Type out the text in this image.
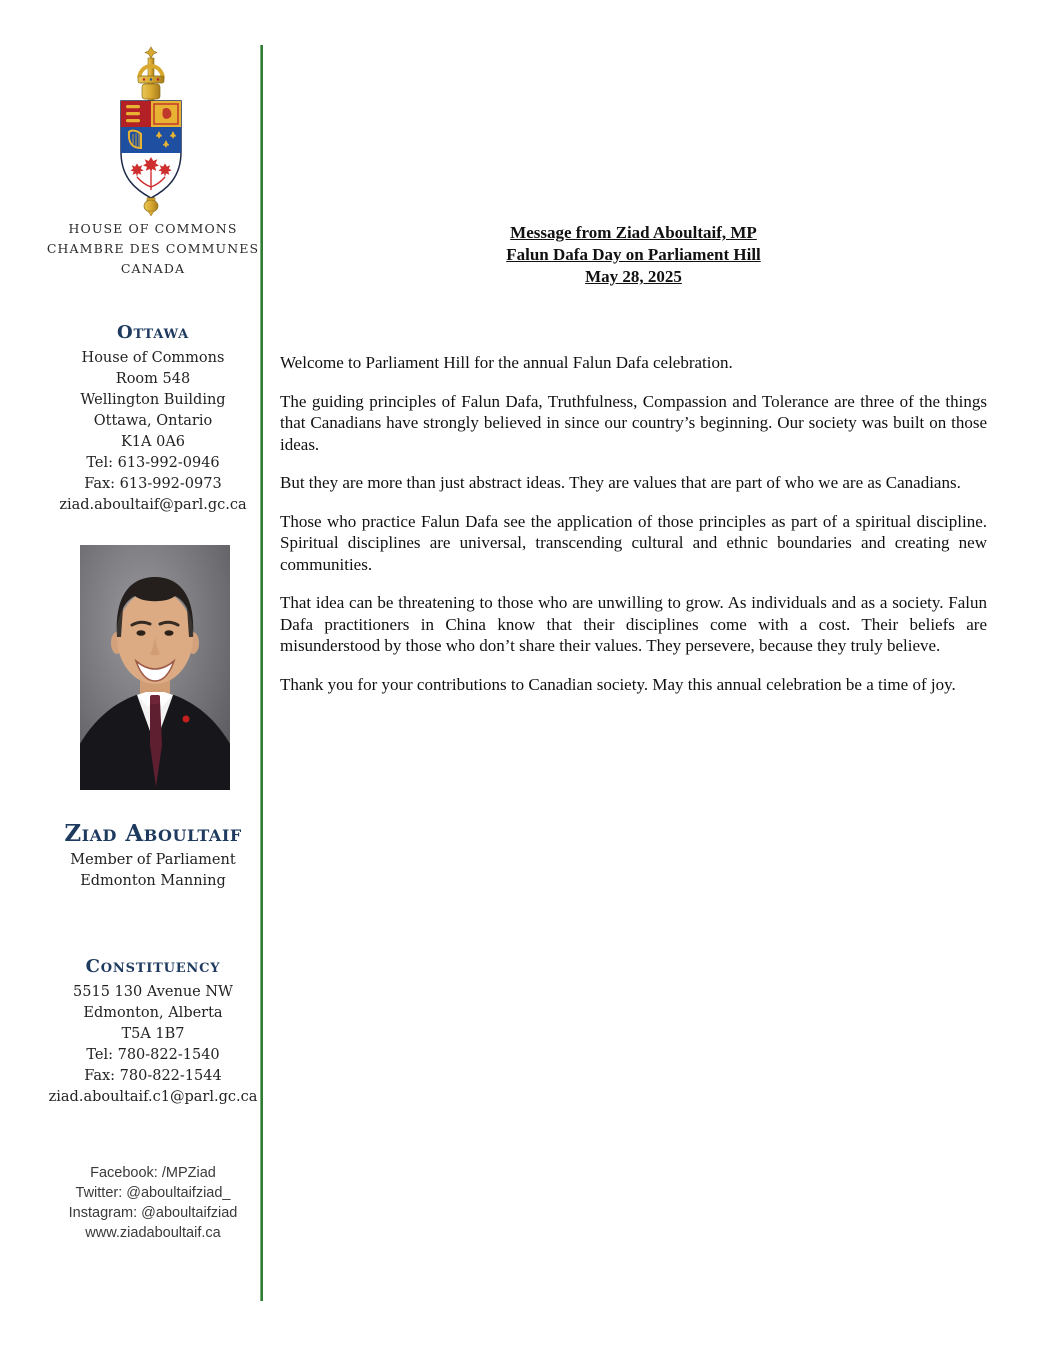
HOUSE OF COMMONS
CHAMBRE DES COMMUNES
CANADA
Ottawa
House of Commons
Room 548
Wellington Building
Ottawa, Ontario
K1A 0A6
Tel: 613-992-0946
Fax: 613-992-0973
ziad.aboultaif@parl.gc.ca
Ziad Aboultaif
Member of Parliament
Edmonton Manning
Constituency
5515 130 Avenue NW
Edmonton, Alberta
T5A 1B7
Tel: 780-822-1540
Fax: 780-822-1544
ziad.aboultaif.c1@parl.gc.ca
Facebook: /MPZiad
Twitter: @aboultaifziad_
Instagram: @aboultaifziad
www.ziadaboultaif.ca
Message from Ziad Aboultaif, MP
Falun Dafa Day on Parliament Hill
May 28, 2025

Welcome to Parliament Hill for the annual Falun Dafa celebration.

The guiding principles of Falun Dafa, Truthfulness, Compassion and Tolerance are three of the things that Canadians have strongly believed in since our country’s beginning. Our society was built on those ideas.

But they are more than just abstract ideas. They are values that are part of who we are as Canadians.

Those who practice Falun Dafa see the application of those principles as part of a spiritual discipline. Spiritual disciplines are universal, transcending cultural and ethnic boundaries and creating new communities.

That idea can be threatening to those who are unwilling to grow. As individuals and as a society. Falun Dafa practitioners in China know that their disciplines come with a cost. Their beliefs are misunderstood by those who don’t share their values. They persevere, because they truly believe.

Thank you for your contributions to Canadian society. May this annual celebration be a time of joy.
